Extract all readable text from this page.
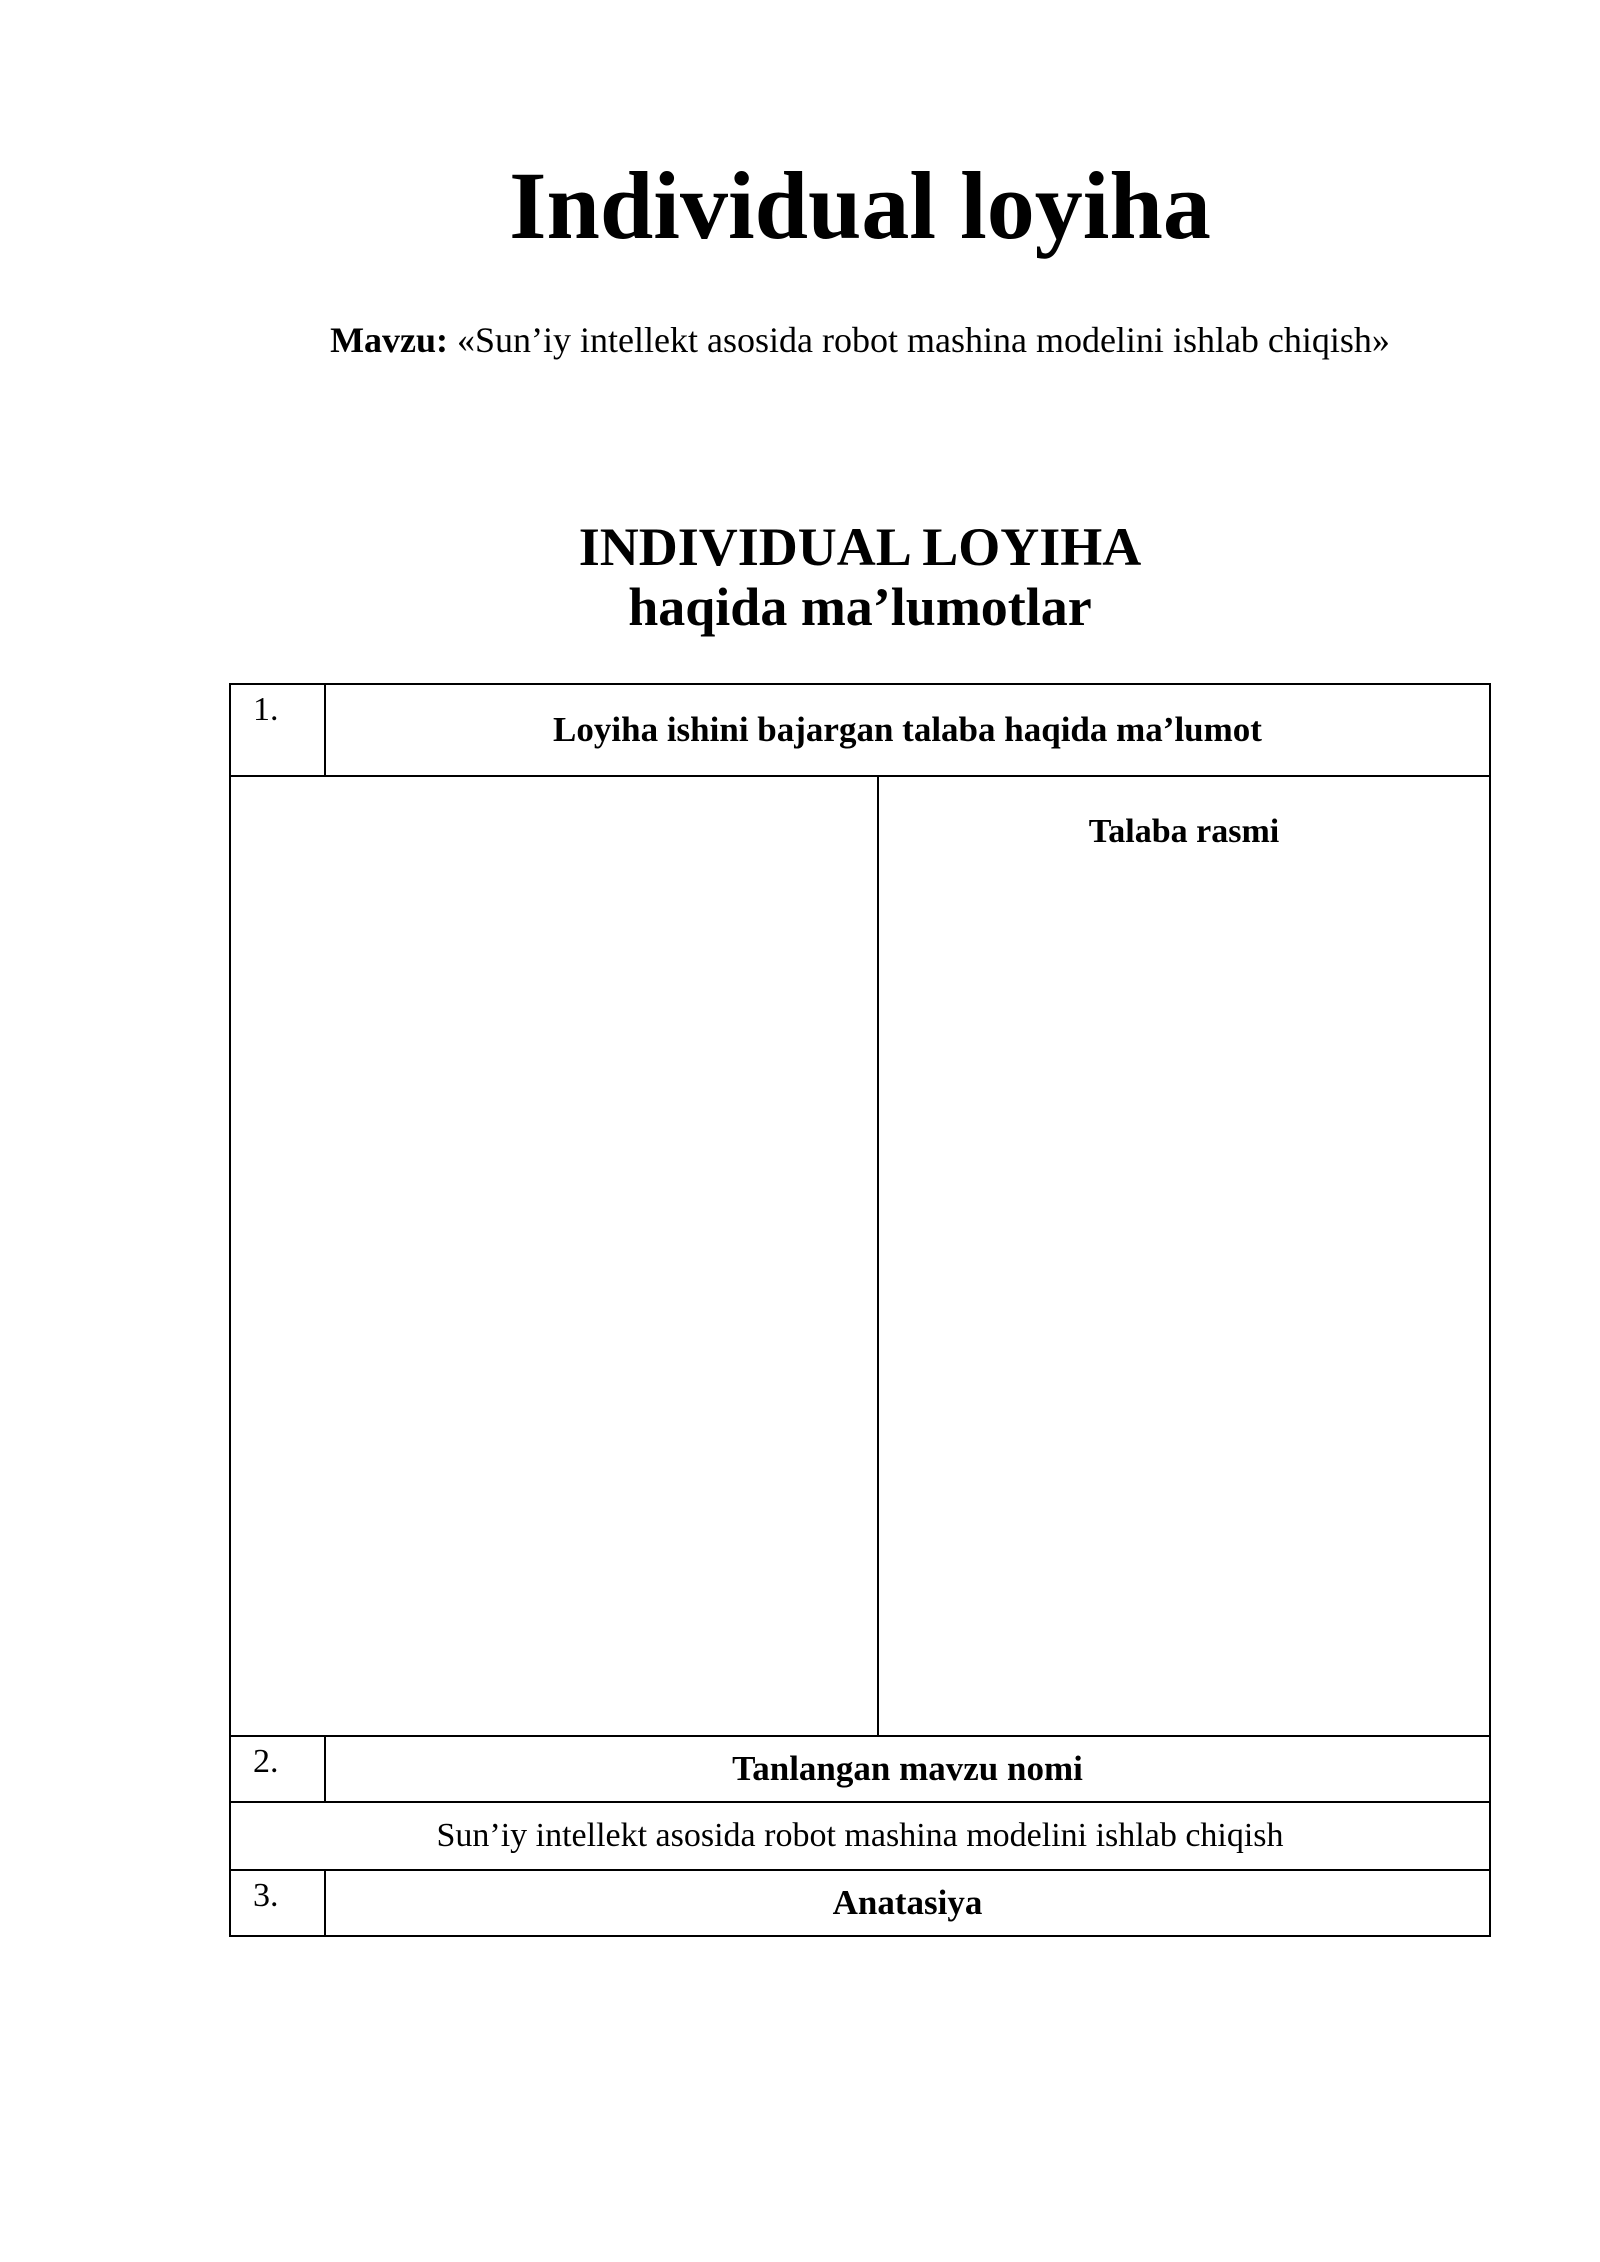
Individual loyiha
Mavzu: «Sun’iy intellekt asosida robot mashina modelini ishlab chiqish»
INDIVIDUAL LOYIHA
haqida ma’lumotlar
1.	Loyiha ishini bajargan talaba haqida ma’lumot	
		Talaba rasmi
2.	Tanlangan mavzu nomi	
Sun’iy intellekt asosida robot mashina modelini ishlab chiqish		
3.	Anatasiya	
